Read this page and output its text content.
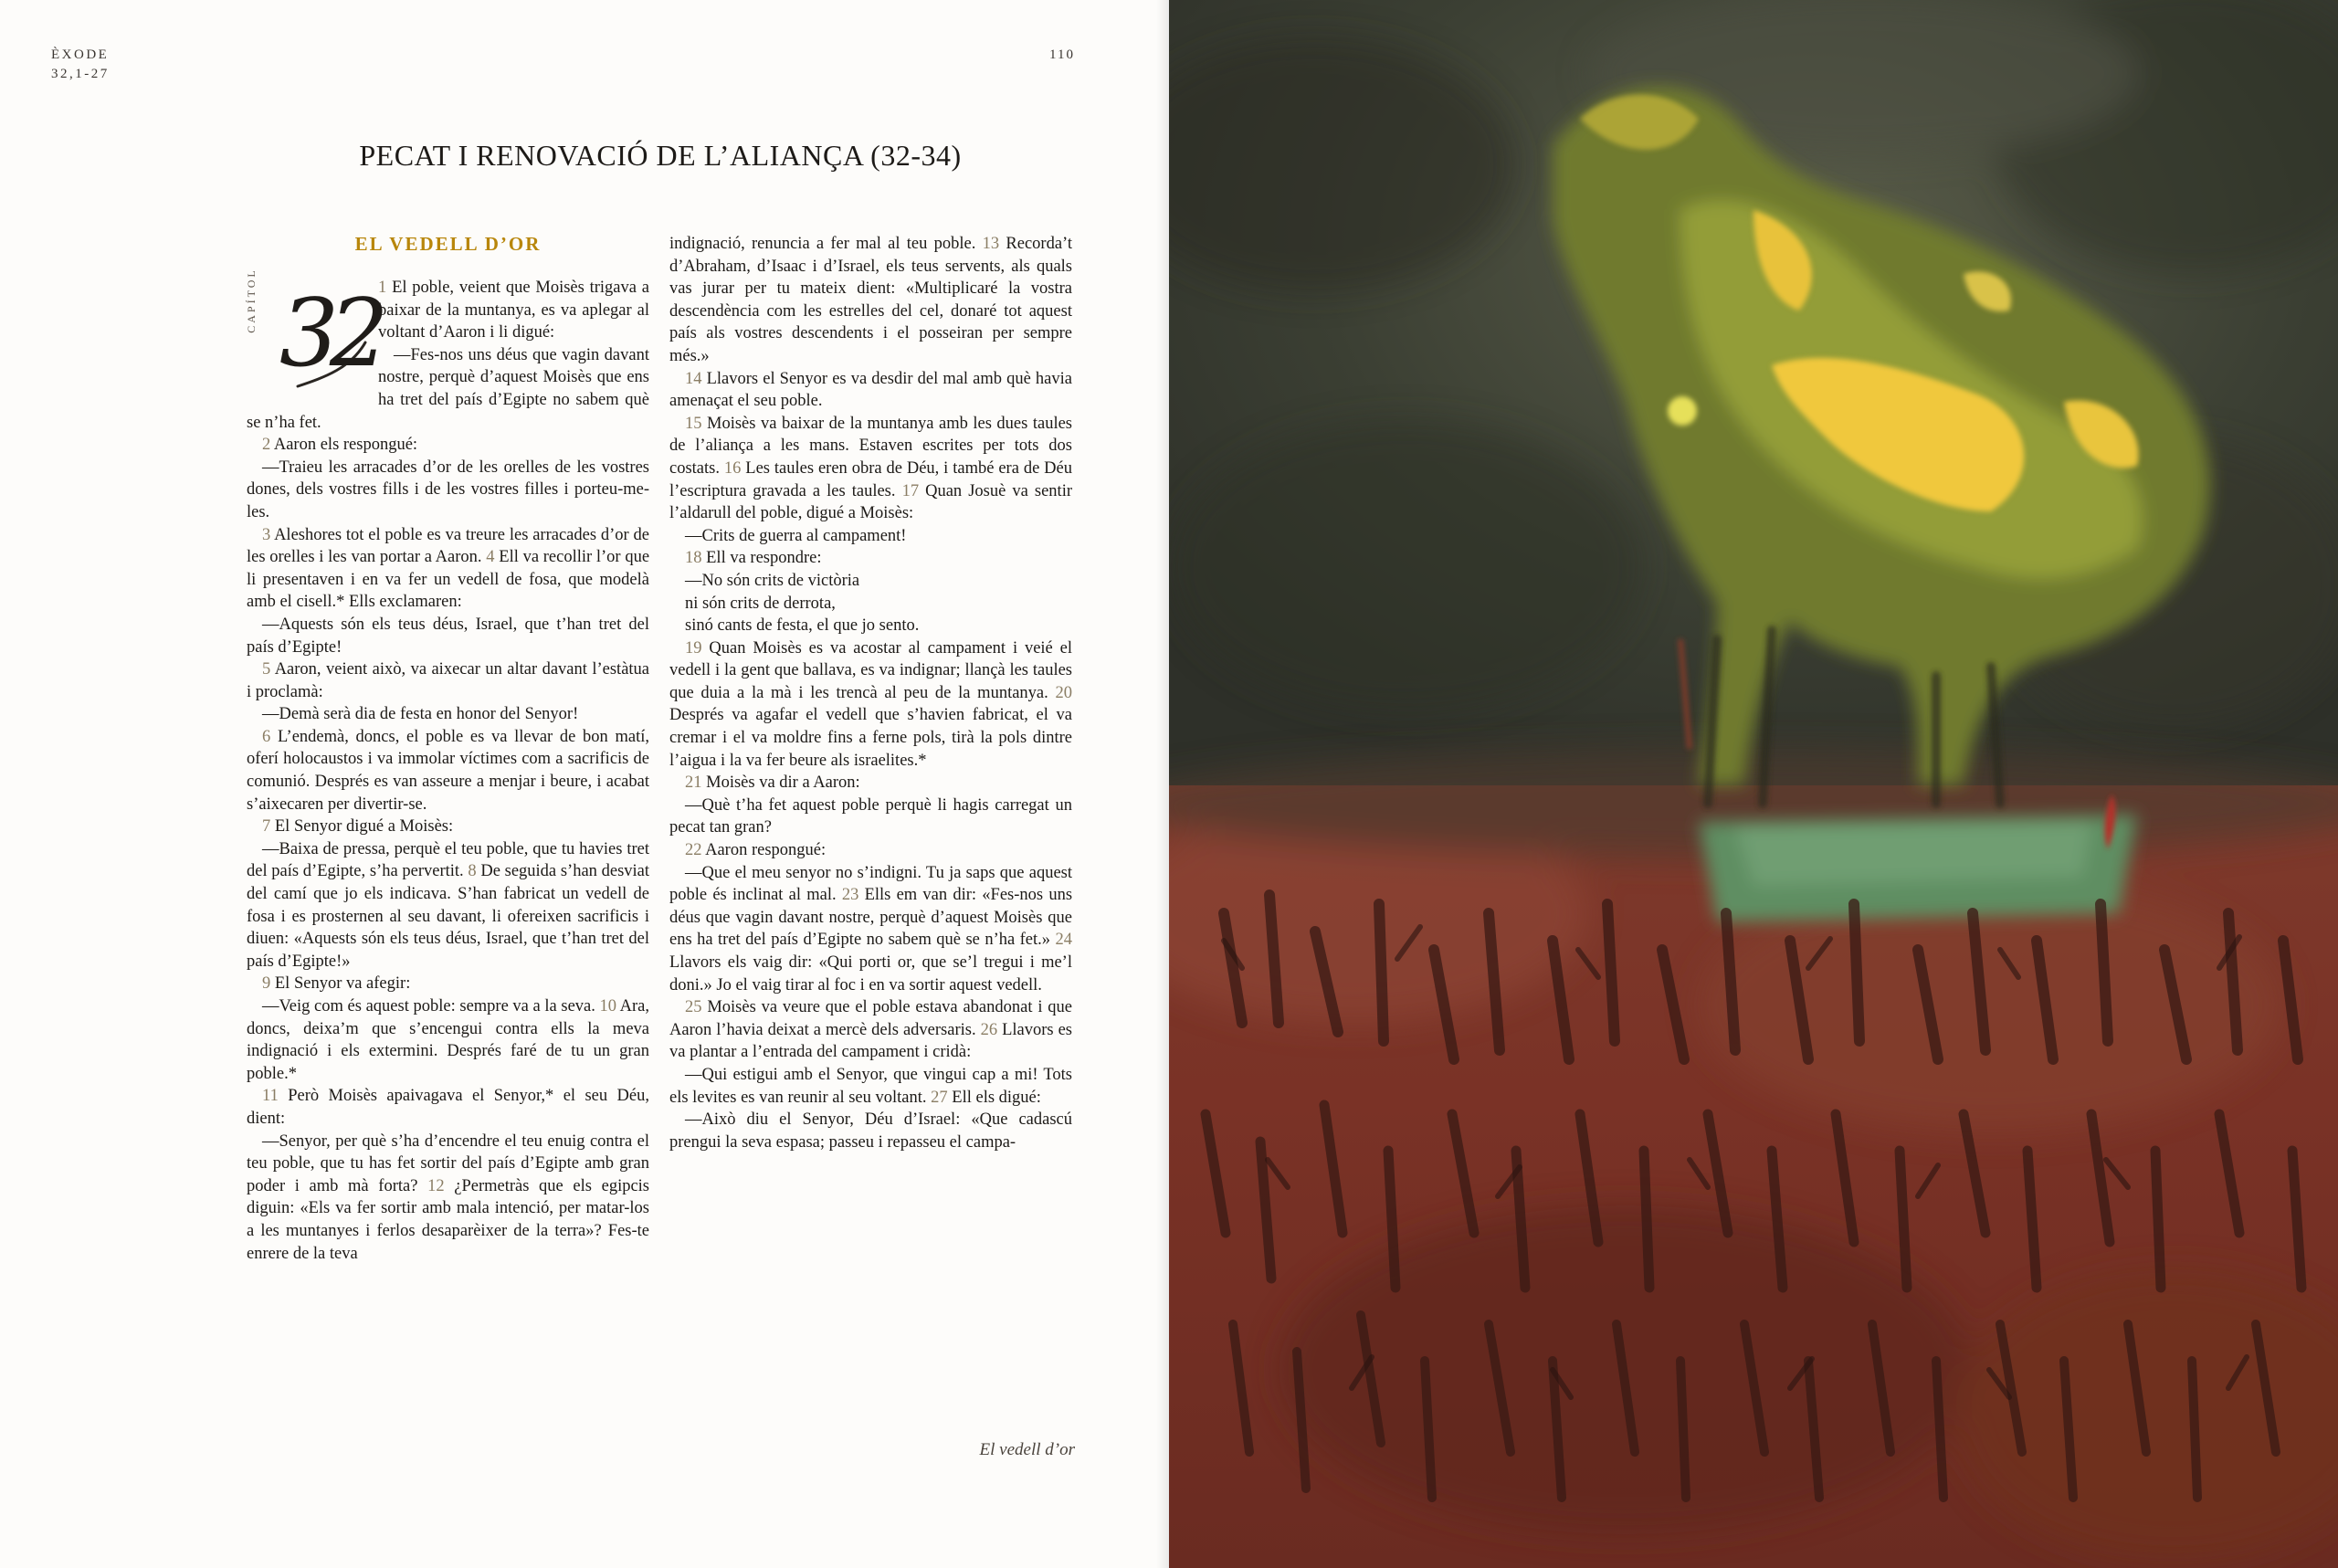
ÈXODE
32,1-27
110
PECAT I RENOVACIÓ DE L’ALIANÇA (32-34)

EL VEDELL D’OR

CAPÍTOL 32

1 El poble, veient que Moisès trigava a baixar de la muntanya, es va aplegar al voltant d’Aaron i li digué:

—Fes-nos uns déus que vagin davant nostre, perquè d’aquest Moisès que ens ha tret del país d’Egipte no sabem què se n’ha fet.

2 Aaron els respongué:

—Traieu les arracades d’or de les orelles de les vostres dones, dels vostres fills i de les vostres filles i porteu-me-les.

3 Aleshores tot el poble es va treure les arracades d’or de les orelles i les van portar a Aaron. 4 Ell va recollir l’or que li presentaven i en va fer un vedell de fosa, que modelà amb el cisell.* Ells exclamaren:

—Aquests són els teus déus, Israel, que t’han tret del país d’Egipte!

5 Aaron, veient això, va aixecar un altar davant l’estàtua i proclamà:

—Demà serà dia de festa en honor del Senyor!

6 L’endemà, doncs, el poble es va llevar de bon matí, oferí holocaustos i va immolar víctimes com a sacrificis de comunió. Després es van asseure a menjar i beure, i acabat s’aixecaren per divertir-se.

7 El Senyor digué a Moisès:

—Baixa de pressa, perquè el teu poble, que tu havies tret del país d’Egipte, s’ha pervertit. 8 De seguida s’han desviat del camí que jo els indicava. S’han fabricat un vedell de fosa i es prosternen al seu davant, li ofereixen sacrificis i diuen: «Aquests són els teus déus, Israel, que t’han tret del país d’Egipte!»

9 El Senyor va afegir:

—Veig com és aquest poble: sempre va a la seva. 10 Ara, doncs, deixa’m que s’encengui contra ells la meva indignació i els extermini. Després faré de tu un gran poble.*

11 Però Moisès apaivagava el Senyor,* el seu Déu, dient:

—Senyor, per què s’ha d’encendre el teu enuig contra el teu poble, que tu has fet sortir del país d’Egipte amb gran poder i amb mà forta? 12 ¿Permetràs que els egipcis diguin: «Els va fer sortir amb mala intenció, per matar-los a les muntanyes i ferlos desaparèixer de la terra»? Fes-te enrere de la teva

indignació, renuncia a fer mal al teu poble. 13 Recorda’t d’Abraham, d’Isaac i d’Israel, els teus servents, als quals vas jurar per tu mateix dient: «Multiplicaré la vostra descendència com les estrelles del cel, donaré tot aquest país als vostres descendents i el posseiran per sempre més.»

14 Llavors el Senyor es va desdir del mal amb què havia amenaçat el seu poble.

15 Moisès va baixar de la muntanya amb les dues taules de l’aliança a les mans. Estaven escrites per tots dos costats. 16 Les taules eren obra de Déu, i també era de Déu l’escriptura gravada a les taules. 17 Quan Josuè va sentir l’aldarull del poble, digué a Moisès:

—Crits de guerra al campament!

18 Ell va respondre:

—No són crits de victòria

ni són crits de derrota,

sinó cants de festa, el que jo sento.

19 Quan Moisès es va acostar al campament i veié el vedell i la gent que ballava, es va indignar; llançà les taules que duia a la mà i les trencà al peu de la muntanya. 20 Després va agafar el vedell que s’havien fabricat, el va cremar i el va moldre fins a ferne pols, tirà la pols dintre l’aigua i la va fer beure als israelites.*

21 Moisès va dir a Aaron:

—Què t’ha fet aquest poble perquè li hagis carregat un pecat tan gran?

22 Aaron respongué:

—Que el meu senyor no s’indigni. Tu ja saps que aquest poble és inclinat al mal. 23 Ells em van dir: «Fes-nos uns déus que vagin davant nostre, perquè d’aquest Moisès que ens ha tret del país d’Egipte no sabem què se n’ha fet.» 24 Llavors els vaig dir: «Qui porti or, que se’l tregui i me’l doni.» Jo el vaig tirar al foc i en va sortir aquest vedell.

25 Moisès va veure que el poble estava abandonat i que Aaron l’havia deixat a mercè dels adversaris. 26 Llavors es va plantar a l’entrada del campament i cridà:

—Qui estigui amb el Senyor, que vingui cap a mi! Tots els levites es van reunir al seu voltant. 27 Ell els digué:

—Això diu el Senyor, Déu d’Israel: «Que cadascú prengui la seva espasa; passeu i repasseu el campa-

El vedell d’or
